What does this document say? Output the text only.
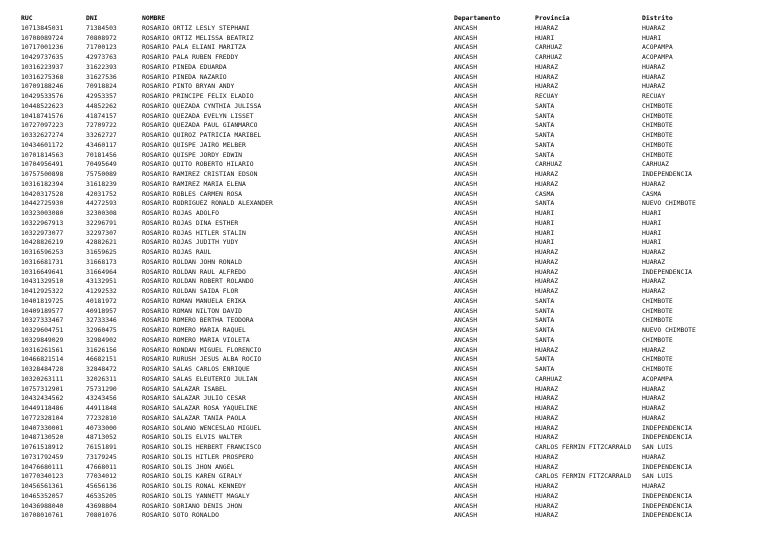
RUC	DNI	NOMBRE	Departamento	Provincia	Distrito
10713845031	71384503	ROSARIO ORTIZ LESLY STEPHANI	ANCASH	HUARAZ	HUARAZ
10708089724	70808972	ROSARIO ORTIZ MELISSA BEATRIZ	ANCASH	HUARI	HUARI
10717001236	71700123	ROSARIO PALA ELIANI MARITZA	ANCASH	CARHUAZ	ACOPAMPA
10429737635	42973763	ROSARIO PALA RUBEN FREDDY	ANCASH	CARHUAZ	ACOPAMPA
10316223937	31622393	ROSARIO PINEDA EDUARDA	ANCASH	HUARAZ	HUARAZ
10316275368	31627536	ROSARIO PINEDA NAZARIO	ANCASH	HUARAZ	HUARAZ
10709188246	70918824	ROSARIO PINTO BRYAN ANDY	ANCASH	HUARAZ	HUARAZ
10429533576	42953357	ROSARIO PRINCIPE FELIX ELADIO	ANCASH	RECUAY	RECUAY
10448522623	44852262	ROSARIO QUEZADA CYNTHIA JULISSA	ANCASH	SANTA	CHIMBOTE
10418741576	41874157	ROSARIO QUEZADA EVELYN LISSET	ANCASH	SANTA	CHIMBOTE
10727097223	72709722	ROSARIO QUEZADA PAUL GIANMARCO	ANCASH	SANTA	CHIMBOTE
10332627274	33262727	ROSARIO QUIROZ PATRICIA MARIBEL	ANCASH	SANTA	CHIMBOTE
10434601172	43460117	ROSARIO QUISPE JAIRO MELBER	ANCASH	SANTA	CHIMBOTE
10701814563	70181456	ROSARIO QUISPE JORDY EDWIN	ANCASH	SANTA	CHIMBOTE
10704956491	70495649	ROSARIO QUITO ROBERTO HILARIO	ANCASH	CARHUAZ	CARHUAZ
10757500898	75750089	ROSARIO RAMIREZ CRISTIAN EDSON	ANCASH	HUARAZ	INDEPENDENCIA
10316182394	31618239	ROSARIO RAMIREZ MARIA ELENA	ANCASH	HUARAZ	HUARAZ
10420317528	42031752	ROSARIO ROBLES CARMEN ROSA	ANCASH	CASMA	CASMA
10442725930	44272593	ROSARIO RODRIGUEZ RONALD ALEXANDER	ANCASH	SANTA	NUEVO CHIMBOTE
10323003080	32300308	ROSARIO ROJAS ADOLFO	ANCASH	HUARI	HUARI
10322967913	32296791	ROSARIO ROJAS DINA ESTHER	ANCASH	HUARI	HUARI
10322973077	32297307	ROSARIO ROJAS HITLER STALIN	ANCASH	HUARI	HUARI
10428826219	42882621	ROSARIO ROJAS JUDITH YUDY	ANCASH	HUARI	HUARI
10316596253	31659625	ROSARIO ROJAS RAUL	ANCASH	HUARAZ	HUARAZ
10316681731	31668173	ROSARIO ROLDAN JOHN RONALD	ANCASH	HUARAZ	HUARAZ
10316649641	31664964	ROSARIO ROLDAN RAUL ALFREDO	ANCASH	HUARAZ	INDEPENDENCIA
10431329510	43132951	ROSARIO ROLDAN ROBERT ROLANDO	ANCASH	HUARAZ	HUARAZ
10412925322	41292532	ROSARIO ROLDAN SAIDA FLOR	ANCASH	HUARAZ	HUARAZ
10401819725	40181972	ROSARIO ROMAN MANUELA ERIKA	ANCASH	SANTA	CHIMBOTE
10409189577	40918957	ROSARIO ROMAN NILTON DAVID	ANCASH	SANTA	CHIMBOTE
10327333467	32733346	ROSARIO ROMERO BERTHA TEODORA	ANCASH	SANTA	CHIMBOTE
10329604751	32960475	ROSARIO ROMERO MARIA RAQUEL	ANCASH	SANTA	NUEVO CHIMBOTE
10329849029	32984902	ROSARIO ROMERO MARIA VIOLETA	ANCASH	SANTA	CHIMBOTE
10316261561	31626156	ROSARIO RONDAN MIGUEL FLORENCIO	ANCASH	HUARAZ	HUARAZ
10466821514	46682151	ROSARIO RURUSH JESUS ALBA ROCIO	ANCASH	SANTA	CHIMBOTE
10328484728	32848472	ROSARIO SALAS CARLOS ENRIQUE	ANCASH	SANTA	CHIMBOTE
10320263111	32026311	ROSARIO SALAS ELEUTERIO JULIAN	ANCASH	CARHUAZ	ACOPAMPA
10757312901	75731290	ROSARIO SALAZAR ISABEL	ANCASH	HUARAZ	HUARAZ
10432434562	43243456	ROSARIO SALAZAR JULIO CESAR	ANCASH	HUARAZ	HUARAZ
10449118486	44911848	ROSARIO SALAZAR ROSA YAQUELINE	ANCASH	HUARAZ	HUARAZ
10772328104	77232810	ROSARIO SALAZAR TANIA PAOLA	ANCASH	HUARAZ	HUARAZ
10407330001	40733000	ROSARIO SOLANO WENCESLAO MIGUEL	ANCASH	HUARAZ	INDEPENDENCIA
10487130520	48713052	ROSARIO SOLIS ELVIS WALTER	ANCASH	HUARAZ	INDEPENDENCIA
10761518912	76151891	ROSARIO SOLIS HERBERT FRANCISCO	ANCASH	CARLOS FERMIN FITZCARRALD	SAN LUIS
10731792459	73179245	ROSARIO SOLIS HITLER PROSPERO	ANCASH	HUARAZ	HUARAZ
10476680111	47668011	ROSARIO SOLIS JHON ANGEL	ANCASH	HUARAZ	INDEPENDENCIA
10770340123	77034012	ROSARIO SOLIS KAREN GIRALY	ANCASH	CARLOS FERMIN FITZCARRALD	SAN LUIS
10456561361	45656136	ROSARIO SOLIS RONAL KENNEDY	ANCASH	HUARAZ	HUARAZ
10465352057	46535205	ROSARIO SOLIS YANNETT MAGALY	ANCASH	HUARAZ	INDEPENDENCIA
10436988040	43698804	ROSARIO SORIANO DENIS JHON	ANCASH	HUARAZ	INDEPENDENCIA
10708010761	70801076	ROSARIO SOTO RONALDO	ANCASH	HUARAZ	INDEPENDENCIA
